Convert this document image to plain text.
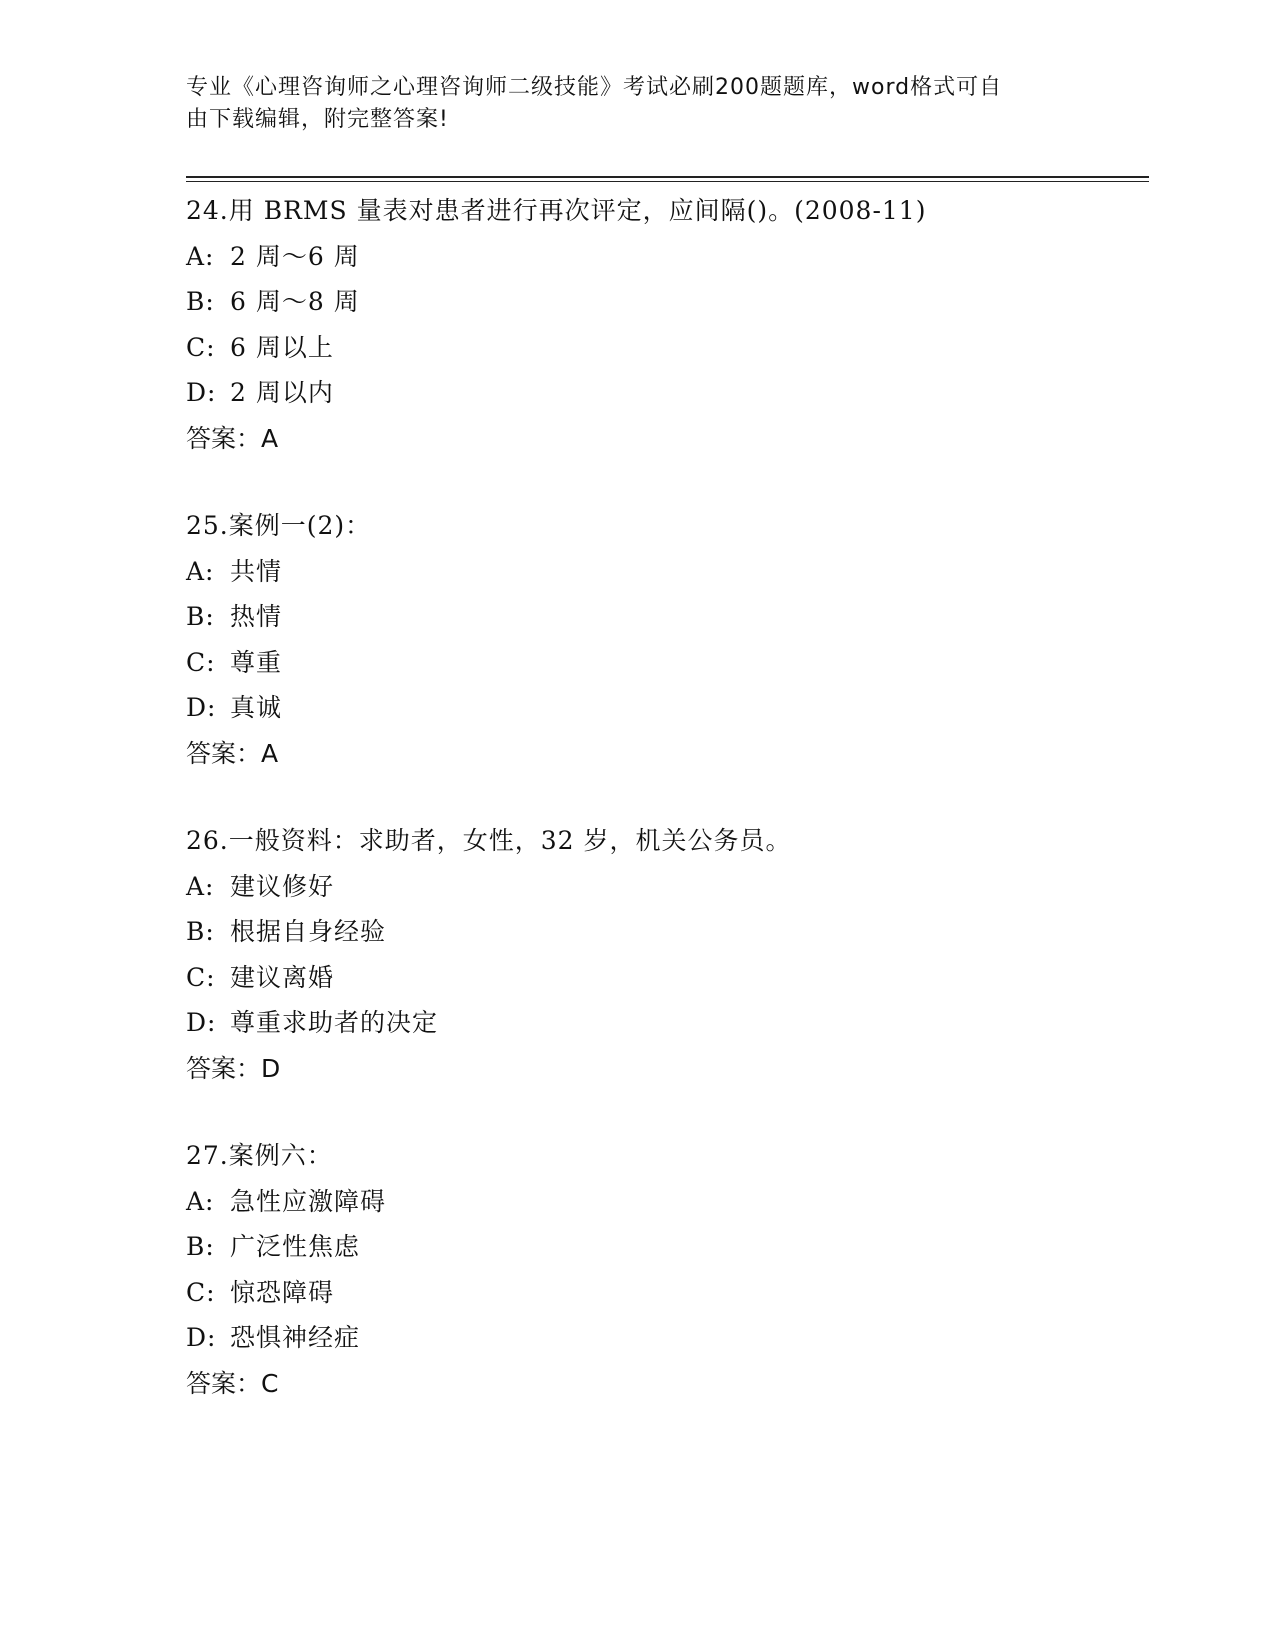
专业《心理咨询师之心理咨询师二级技能》考试必刷200题题库，word格式可自
由下载编辑，附完整答案!
24.用 BRMS 量表对患者进行再次评定，应间隔()。(2008-11)
A: 2 周～6 周
B: 6 周～8 周
C: 6 周以上
D: 2 周以内
答案：A
25.案例一(2)：
A: 共情
B: 热情
C: 尊重
D: 真诚
答案：A
26.一般资料：求助者，女性，32 岁，机关公务员。
A: 建议修好
B: 根据自身经验
C: 建议离婚
D: 尊重求助者的决定
答案：D
27.案例六：
A: 急性应激障碍
B: 广泛性焦虑
C: 惊恐障碍
D: 恐惧神经症
答案：C
